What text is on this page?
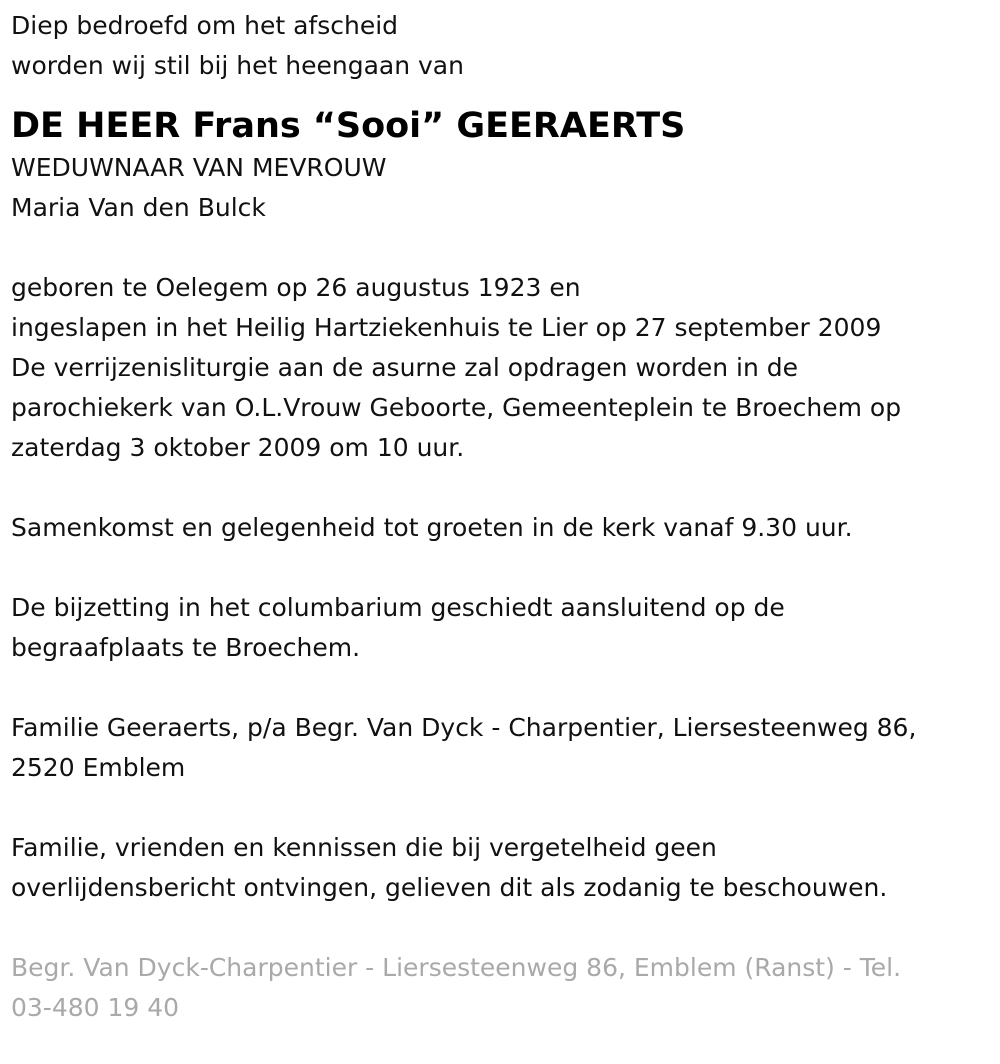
Diep bedroefd om het afscheid
worden wij stil bij het heengaan van
DE HEER Frans “Sooi” GEERAERTS
WEDUWNAAR VAN MEVROUW
Maria Van den Bulck
geboren te Oelegem op 26 augustus 1923 en
ingeslapen in het Heilig Hartziekenhuis te Lier op 27 september 2009
De verrijzenisliturgie aan de asurne zal opdragen worden in de
parochiekerk van O.L.Vrouw Geboorte, Gemeenteplein te Broechem op
zaterdag 3 oktober 2009 om 10 uur.
Samenkomst en gelegenheid tot groeten in de kerk vanaf 9.30 uur.
De bijzetting in het columbarium geschiedt aansluitend op de
begraafplaats te Broechem.
Familie Geeraerts, p/a Begr. Van Dyck - Charpentier, Liersesteenweg 86,
2520 Emblem
Familie, vrienden en kennissen die bij vergetelheid geen
overlijdensbericht ontvingen, gelieven dit als zodanig te beschouwen.
Begr. Van Dyck-Charpentier - Liersesteenweg 86, Emblem (Ranst) - Tel.
03-480 19 40
